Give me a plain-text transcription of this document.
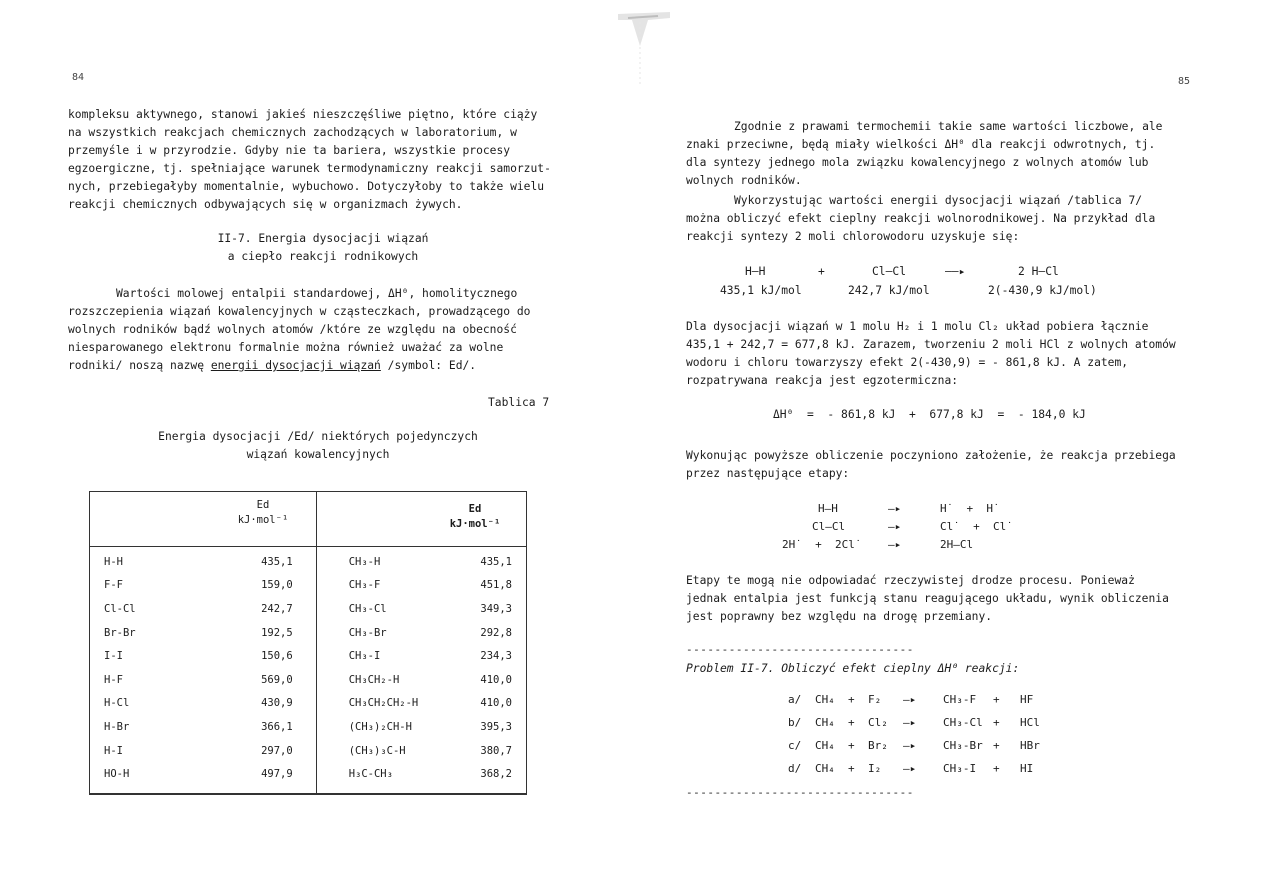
84
kompleksu aktywnego, stanowi jakieś nieszczęśliwe piętno, które ciąży
na wszystkich reakcjach chemicznych zachodzących w laboratorium, w
przemyśle i w przyrodzie. Gdyby nie ta bariera, wszystkie procesy
egzoergiczne, tj. spełniające warunek termodynamiczny reakcji samorzut-
nych, przebiegałyby momentalnie, wybuchowo. Dotyczyłoby to także wielu
reakcji chemicznych odbywających się w organizmach żywych.
II-7. Energia dysocjacji wiązań
a ciepło reakcji rodnikowych
Wartości molowej entalpii standardowej, ΔH⁰, homolitycznego
rozszczepienia wiązań kowalencyjnych w cząsteczkach, prowadzącego do
wolnych rodników bądź wolnych atomów /które ze względu na obecność
niesparowanego elektronu formalnie można również uważać za wolne
rodniki/ noszą nazwę energii dysocjacji wiązań /symbol: Ed/.
Tablica 7
Energia dysocjacji /Ed/ niektórych pojedynczych
wiązań kowalencyjnych
Ed
kJ·mol⁻¹
Ed
kJ·mol⁻¹
H-H	435,1	CH₃-H	435,1
F-F	159,0	CH₃-F	451,8
Cl-Cl	242,7	CH₃-Cl	349,3
Br-Br	192,5	CH₃-Br	292,8
I-I	150,6	CH₃-I	234,3
H-F	569,0	CH₃CH₂-H	410,0
H-Cl	430,9	CH₃CH₂CH₂-H	410,0
H-Br	366,1	(CH₃)₂CH-H	395,3
H-I	297,0	(CH₃)₃C-H	380,7
HO-H	497,9	H₃C-CH₃	368,2
85
Zgodnie z prawami termochemii takie same wartości liczbowe, ale
znaki przeciwne, będą miały wielkości ΔH⁰ dla reakcji odwrotnych, tj.
dla syntezy jednego mola związku kowalencyjnego z wolnych atomów lub
wolnych rodników.
Wykorzystując wartości energii dysocjacji wiązań /tablica 7/
można obliczyć efekt cieplny reakcji wolnorodnikowej. Na przykład dla
reakcji syntezy 2 moli chlorowodoru uzyskuje się:
H—H	+	Cl—Cl	——▸	2 H—Cl
435,1 kJ/mol	242,7 kJ/mol	2(-430,9 kJ/mol)
Dla dysocjacji wiązań w 1 molu H₂ i 1 molu Cl₂ układ pobiera łącznie
435,1 + 242,7 = 677,8 kJ. Zarazem, tworzeniu 2 moli HCl z wolnych atomów
wodoru i chloru towarzyszy efekt 2(-430,9) = - 861,8 kJ. A zatem,
rozpatrywana reakcja jest egzotermiczna:
ΔH⁰  =  - 861,8 kJ  +  677,8 kJ  =  - 184,0 kJ
Wykonując powyższe obliczenie poczyniono założenie, że reakcja przebiega
przez następujące etapy:
H—H	—▸	H˙  +  H˙
Cl—Cl	—▸	Cl˙  +  Cl˙
2H˙  +  2Cl˙ —▸	2H—Cl
Etapy te mogą nie odpowiadać rzeczywistej drodze procesu. Ponieważ
jednak entalpia jest funkcją stanu reagującego układu, wynik obliczenia
jest poprawny bez względu na drogę przemiany.
--------------------------------
Problem II-7. Obliczyć efekt cieplny ΔH⁰ reakcji:
a/ CH₄ + F₂ —▸ CH₃-F + HF
b/ CH₄ + Cl₂ —▸ CH₃-Cl + HCl
c/ CH₄ + Br₂ —▸ CH₃-Br + HBr
d/ CH₄ + I₂ —▸ CH₃-I + HI
--------------------------------
